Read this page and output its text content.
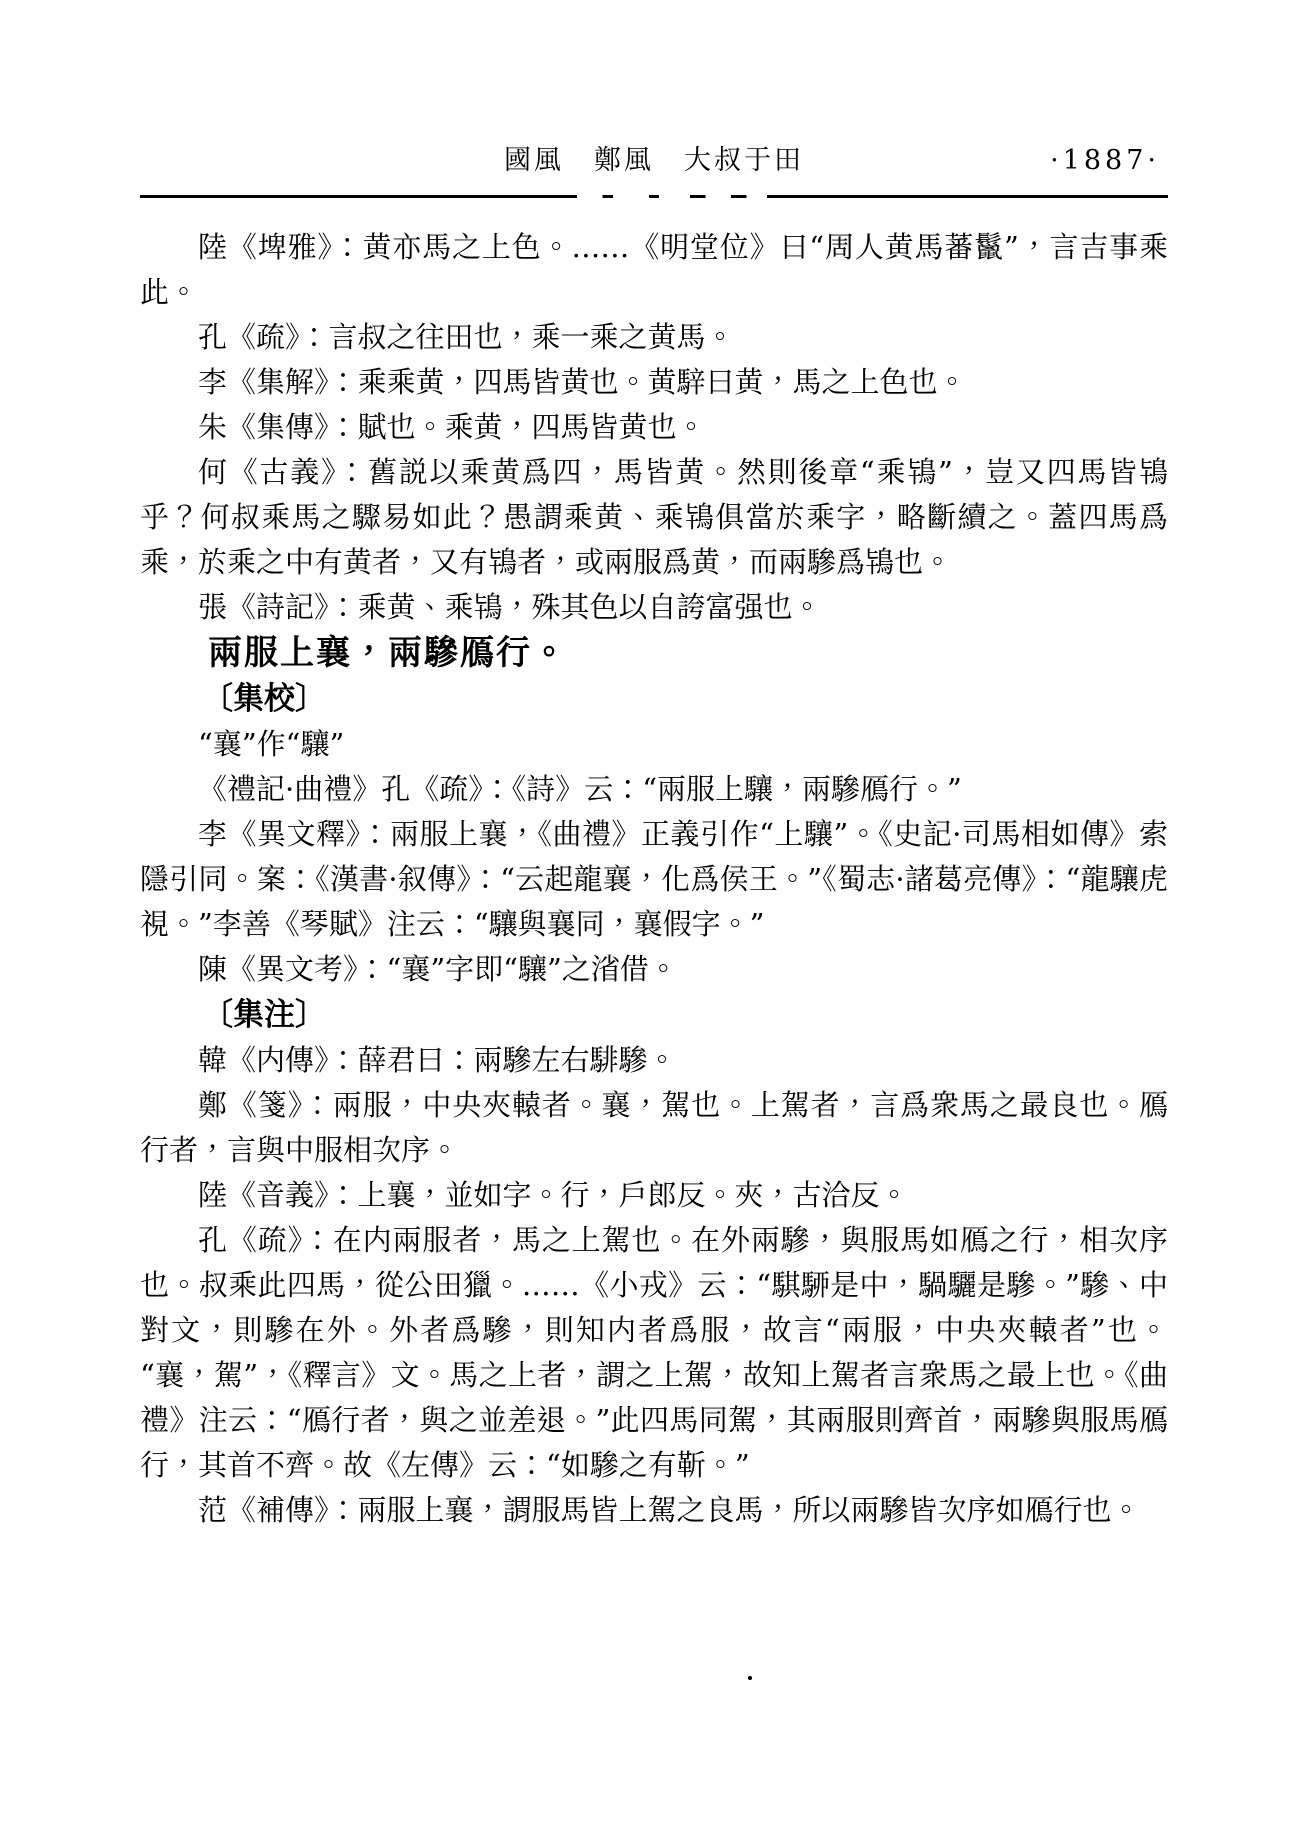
國風　鄭風　大叔于田	·1887·

陸《埤雅》：黄亦馬之上色。……《明堂位》曰“周人黄馬蕃鬣”，言吉事乘此。

孔《疏》：言叔之往田也，乘一乘之黄馬。

李《集解》：乘乘黄，四馬皆黄也。黄騂曰黄，馬之上色也。

朱《集傳》：賦也。乘黄，四馬皆黄也。

何《古義》：舊説以乘黄爲四，馬皆黄。然則後章“乘鴇”，豈又四馬皆鴇乎？何叔乘馬之驟易如此？愚謂乘黄、乘鴇俱當於乘字，略斷續之。蓋四馬爲乘，於乘之中有黄者，又有鴇者，或兩服爲黄，而兩驂爲鴇也。

張《詩記》：乘黄、乘鴇，殊其色以自誇富强也。

兩服上襄，兩驂鴈行。

〔集校〕

“襄”作“驤”

《禮記·曲禮》孔《疏》：《詩》云：“兩服上驤，兩驂鴈行。”

李《異文釋》：兩服上襄，《曲禮》正義引作“上驤”。《史記·司馬相如傳》索隱引同。案：《漢書·叙傳》：“云起龍襄，化爲侯王。”《蜀志·諸葛亮傳》：“龍驤虎視。”李善《琴賦》注云：“驤與襄同，襄假字。”

陳《異文考》：“襄”字即“驤”之渻借。

〔集注〕

韓《内傳》：薛君曰：兩驂左右騑驂。

鄭《箋》：兩服，中央夾轅者。襄，駕也。上駕者，言爲衆馬之最良也。鴈行者，言與中服相次序。

陸《音義》：上襄，並如字。行，户郎反。夾，古洽反。

孔《疏》：在内兩服者，馬之上駕也。在外兩驂，與服馬如鴈之行，相次序也。叔乘此四馬，從公田獵。……《小戎》云：“騏駵是中，騧驪是驂。”驂、中對文，則驂在外。外者爲驂，則知内者爲服，故言“兩服，中央夾轅者”也。“襄，駕”，《釋言》文。馬之上者，謂之上駕，故知上駕者言衆馬之最上也。《曲禮》注云：“鴈行者，與之並差退。”此四馬同駕，其兩服則齊首，兩驂與服馬鴈行，其首不齊。故《左傳》云：“如驂之有靳。”

范《補傳》：兩服上襄，謂服馬皆上駕之良馬，所以兩驂皆次序如鴈行也。
